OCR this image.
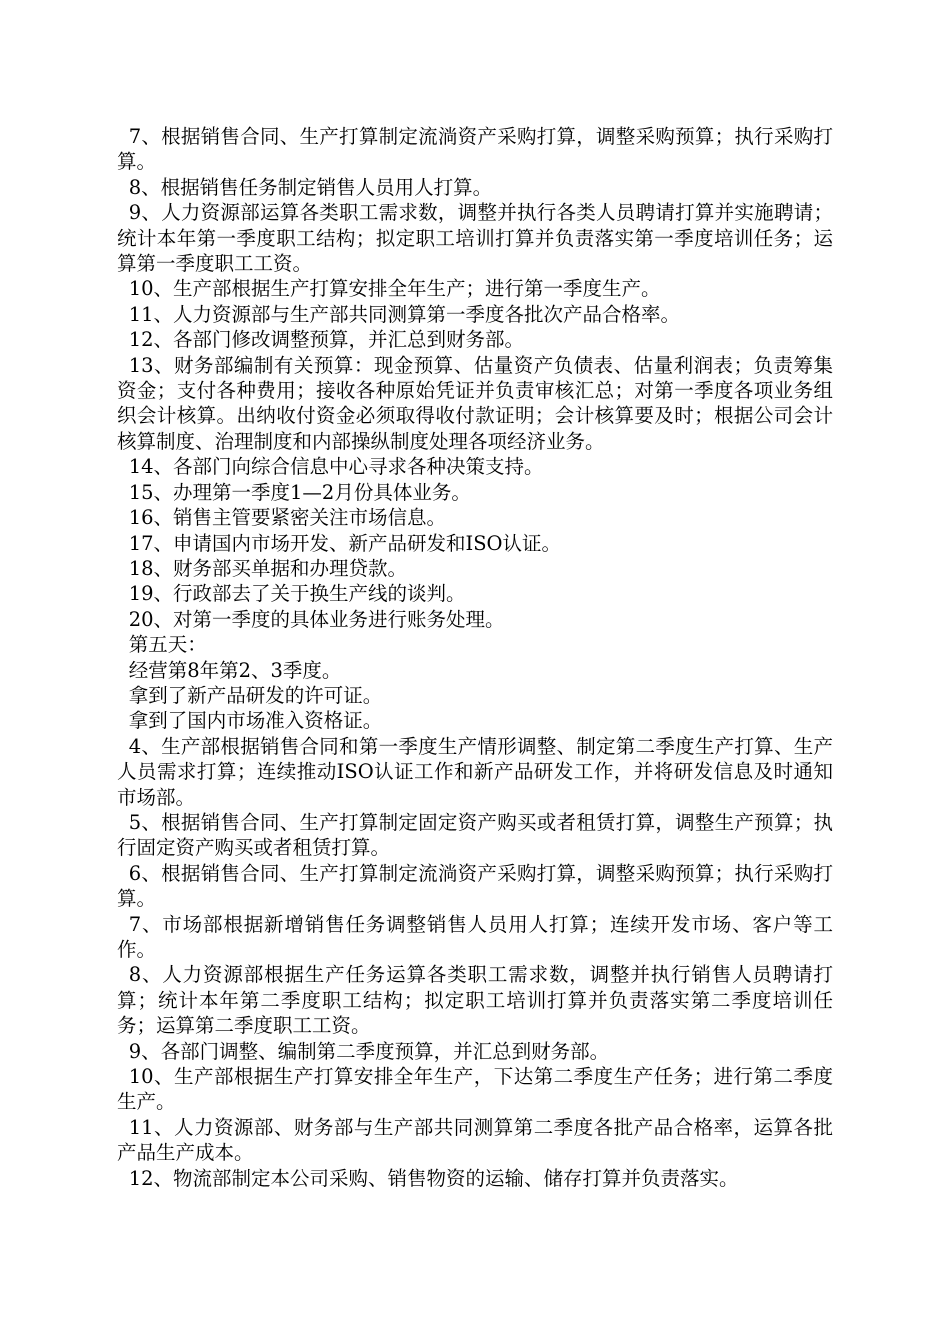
7、根据销售合同、生产打算制定流淌资产采购打算，调整采购预算；执行采购打算。

8、根据销售任务制定销售人员用人打算。

9、人力资源部运算各类职工需求数，调整并执行各类人员聘请打算并实施聘请；统计本年第一季度职工结构；拟定职工培训打算并负责落实第一季度培训任务；运算第一季度职工工资。

10、生产部根据生产打算安排全年生产；进行第一季度生产。

11、人力资源部与生产部共同测算第一季度各批次产品合格率。

12、各部门修改调整预算，并汇总到财务部。

13、财务部编制有关预算：现金预算、估量资产负债表、估量利润表；负责筹集资金；支付各种费用；接收各种原始凭证并负责审核汇总；对第一季度各项业务组织会计核算。出纳收付资金必须取得收付款证明；会计核算要及时；根据公司会计核算制度、治理制度和内部操纵制度处理各项经济业务。

14、各部门向综合信息中心寻求各种决策支持。

15、办理第一季度1—2月份具体业务。

16、销售主管要紧密关注市场信息。

17、申请国内市场开发、新产品研发和ISO认证。

18、财务部买单据和办理贷款。

19、行政部去了关于换生产线的谈判。

20、对第一季度的具体业务进行账务处理。

第五天：

经营第8年第2、3季度。

拿到了新产品研发的许可证。

拿到了国内市场准入资格证。

4、生产部根据销售合同和第一季度生产情形调整、制定第二季度生产打算、生产人员需求打算；连续推动ISO认证工作和新产品研发工作，并将研发信息及时通知市场部。

5、根据销售合同、生产打算制定固定资产购买或者租赁打算，调整生产预算；执行固定资产购买或者租赁打算。

6、根据销售合同、生产打算制定流淌资产采购打算，调整采购预算；执行采购打算。

7、市场部根据新增销售任务调整销售人员用人打算；连续开发市场、客户等工作。

8、人力资源部根据生产任务运算各类职工需求数，调整并执行销售人员聘请打算；统计本年第二季度职工结构；拟定职工培训打算并负责落实第二季度培训任务；运算第二季度职工工资。

9、各部门调整、编制第二季度预算，并汇总到财务部。

10、生产部根据生产打算安排全年生产，下达第二季度生产任务；进行第二季度生产。

11、人力资源部、财务部与生产部共同测算第二季度各批产品合格率，运算各批产品生产成本。

12、物流部制定本公司采购、销售物资的运输、储存打算并负责落实。
